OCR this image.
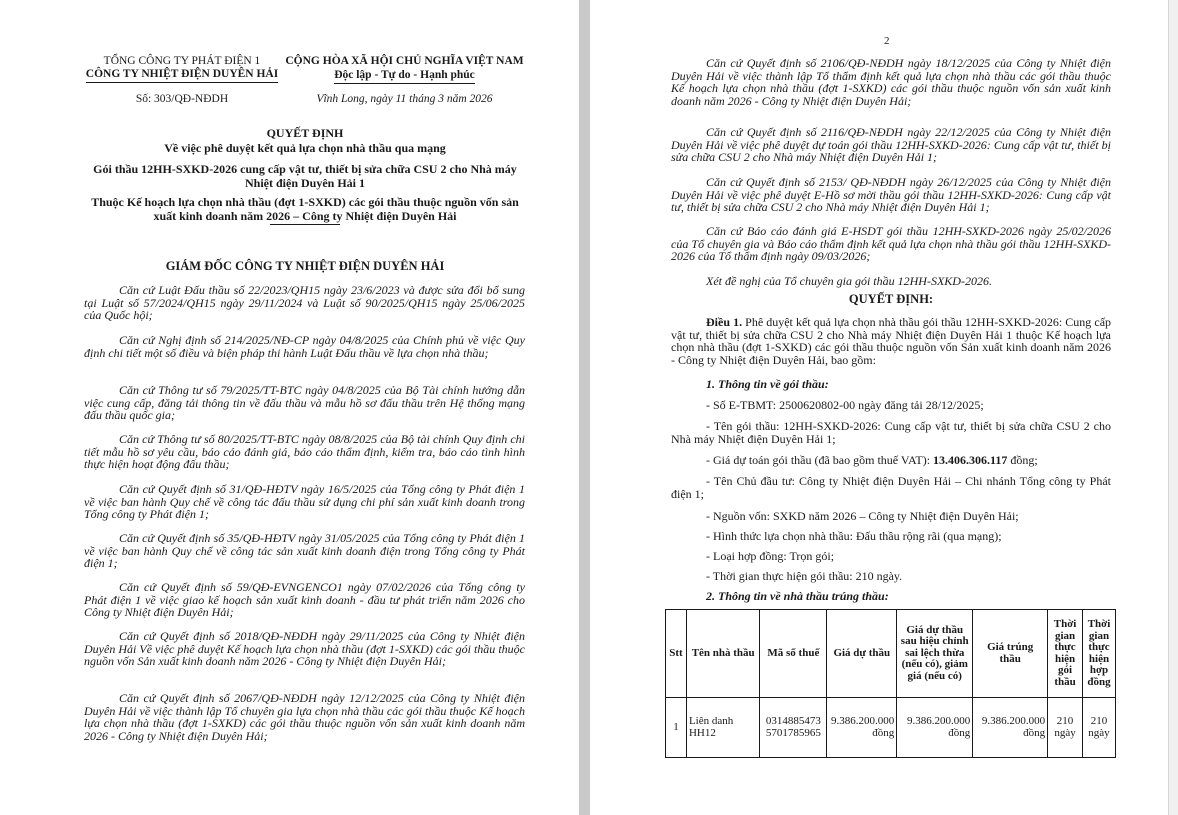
TỔNG CÔNG TY PHÁT ĐIỆN 1
CÔNG TY NHIỆT ĐIỆN DUYÊN HẢI
Số: 303/QĐ-NĐDH
CỘNG HÒA XÃ HỘI CHỦ NGHĨA VIỆT NAM
Độc lập - Tự do - Hạnh phúc
Vĩnh Long, ngày 11 tháng 3 năm 2026
QUYẾT ĐỊNH
Về việc phê duyệt kết quả lựa chọn nhà thầu qua mạng
Gói thầu 12HH-SXKD-2026 cung cấp vật tư, thiết bị sửa chữa CSU 2 cho Nhà máy Nhiệt điện Duyên Hải 1
Thuộc Kế hoạch lựa chọn nhà thầu (đợt 1-SXKD) các gói thầu thuộc nguồn vốn sản xuất kinh doanh năm 2026 – Công ty Nhiệt điện Duyên Hải
GIÁM ĐỐC CÔNG TY NHIỆT ĐIỆN DUYÊN HẢI
Căn cứ Luật Đấu thầu số 22/2023/QH15 ngày 23/6/2023 và được sửa đổi bổ sung tại Luật số 57/2024/QH15 ngày 29/11/2024 và Luật số 90/2025/QH15 ngày 25/06/2025 của Quốc hội;
Căn cứ Nghị định số 214/2025/NĐ-CP ngày 04/8/2025 của Chính phủ về việc Quy định chi tiết một số điều và biện pháp thi hành Luật Đấu thầu về lựa chọn nhà thầu;
Căn cứ Thông tư số 79/2025/TT-BTC ngày 04/8/2025 của Bộ Tài chính hướng dẫn việc cung cấp, đăng tải thông tin về đấu thầu và mẫu hồ sơ đấu thầu trên Hệ thống mạng đấu thầu quốc gia;
Căn cứ Thông tư số 80/2025/TT-BTC ngày 08/8/2025 của Bộ tài chính Quy định chi tiết mẫu hồ sơ yêu cầu, báo cáo đánh giá, báo cáo thẩm định, kiểm tra, báo cáo tình hình thực hiện hoạt động đấu thầu;
Căn cứ Quyết định số 31/QĐ-HĐTV ngày 16/5/2025 của Tổng công ty Phát điện 1 về việc ban hành Quy chế về công tác đấu thầu sử dụng chi phí sản xuất kinh doanh trong Tổng công ty Phát điện 1;
Căn cứ Quyết định số 35/QĐ-HĐTV ngày 31/05/2025 của Tổng công ty Phát điện 1 về việc ban hành Quy chế về công tác sản xuất kinh doanh điện trong Tổng công ty Phát điện 1;
Căn cứ Quyết định số 59/QĐ-EVNGENCO1 ngày 07/02/2026 của Tổng công ty Phát điện 1 về việc giao kế hoạch sản xuất kinh doanh - đầu tư phát triển năm 2026 cho Công ty Nhiệt điện Duyên Hải;
Căn cứ Quyết định số 2018/QĐ-NĐDH ngày 29/11/2025 của Công ty Nhiệt điện Duyên Hải Về việc phê duyệt Kế hoạch lựa chọn nhà thầu (đợt 1-SXKD) các gói thầu thuộc nguồn vốn Sản xuất kinh doanh năm 2026 - Công ty Nhiệt điện Duyên Hải;
Căn cứ Quyết định số 2067/QĐ-NĐDH ngày 12/12/2025 của Công ty Nhiệt điện Duyên Hải về việc thành lập Tổ chuyên gia lựa chọn nhà thầu các gói thầu thuộc Kế hoạch lựa chọn nhà thầu (đợt 1-SXKD) các gói thầu thuộc nguồn vốn sản xuất kinh doanh năm 2026 - Công ty Nhiệt điện Duyên Hải;
2
Căn cứ Quyết định số 2106/QĐ-NĐDH ngày 18/12/2025 của Công ty Nhiệt điện Duyên Hải về việc thành lập Tổ thẩm định kết quả lựa chọn nhà thầu các gói thầu thuộc Kế hoạch lựa chọn nhà thầu (đợt 1-SXKD) các gói thầu thuộc nguồn vốn sản xuất kinh doanh năm 2026 - Công ty Nhiệt điện Duyên Hải;
Căn cứ Quyết định số 2116/QĐ-NĐDH ngày 22/12/2025 của Công ty Nhiệt điện Duyên Hải về việc phê duyệt dự toán gói thầu 12HH-SXKD-2026: Cung cấp vật tư, thiết bị sửa chữa CSU 2 cho Nhà máy Nhiệt điện Duyên Hải 1;
Căn cứ Quyết định số 2153/ QĐ-NĐDH ngày 26/12/2025 của Công ty Nhiệt điện Duyên Hải về việc phê duyệt E-Hồ sơ mời thầu gói thầu 12HH-SXKD-2026: Cung cấp vật tư, thiết bị sửa chữa CSU 2 cho Nhà máy Nhiệt điện Duyên Hải 1;
Căn cứ Báo cáo đánh giá E-HSDT gói thầu 12HH-SXKD-2026 ngày 25/02/2026 của Tổ chuyên gia và Báo cáo thẩm định kết quả lựa chọn nhà thầu gói thầu 12HH-SXKD-2026 của Tổ thẩm định ngày 09/03/2026;
Xét đề nghị của Tổ chuyên gia gói thầu 12HH-SXKD-2026.
QUYẾT ĐỊNH:
Điều 1. Phê duyệt kết quả lựa chọn nhà thầu gói thầu 12HH-SXKD-2026: Cung cấp vật tư, thiết bị sửa chữa CSU 2 cho Nhà máy Nhiệt điện Duyên Hải 1 thuộc Kế hoạch lựa chọn nhà thầu (đợt 1-SXKD) các gói thầu thuộc nguồn vốn Sản xuất kinh doanh năm 2026 - Công ty Nhiệt điện Duyên Hải, bao gồm:
1. Thông tin về gói thầu:
- Số E-TBMT: 2500620802-00 ngày đăng tải 28/12/2025;
- Tên gói thầu: 12HH-SXKD-2026: Cung cấp vật tư, thiết bị sửa chữa CSU 2 cho Nhà máy Nhiệt điện Duyên Hải 1;
- Giá dự toán gói thầu (đã bao gồm thuế VAT): 13.406.306.117 đồng;
- Tên Chủ đầu tư: Công ty Nhiệt điện Duyên Hải – Chi nhánh Tổng công ty Phát điện 1;
- Nguồn vốn: SXKD năm 2026 – Công ty Nhiệt điện Duyên Hải;
- Hình thức lựa chọn nhà thầu: Đấu thầu rộng rãi (qua mạng);
- Loại hợp đồng: Trọn gói;
- Thời gian thực hiện gói thầu: 210 ngày.
2. Thông tin về nhà thầu trúng thầu:
Stt	Tên nhà thầu	Mã số thuế	Giá dự thầu	Giá dự thầu sau hiệu chỉnh sai lệch thừa (nếu có), giảm giá (nếu có)	Giá trúng thầu	Thời gian thực hiện gói thầu	Thời gian thực hiện hợp đồng
1	Liên danh HH12	0314885473 5701785965	9.386.200.000 đồng	9.386.200.000 đồng	9.386.200.000 đồng	210 ngày	210 ngày
